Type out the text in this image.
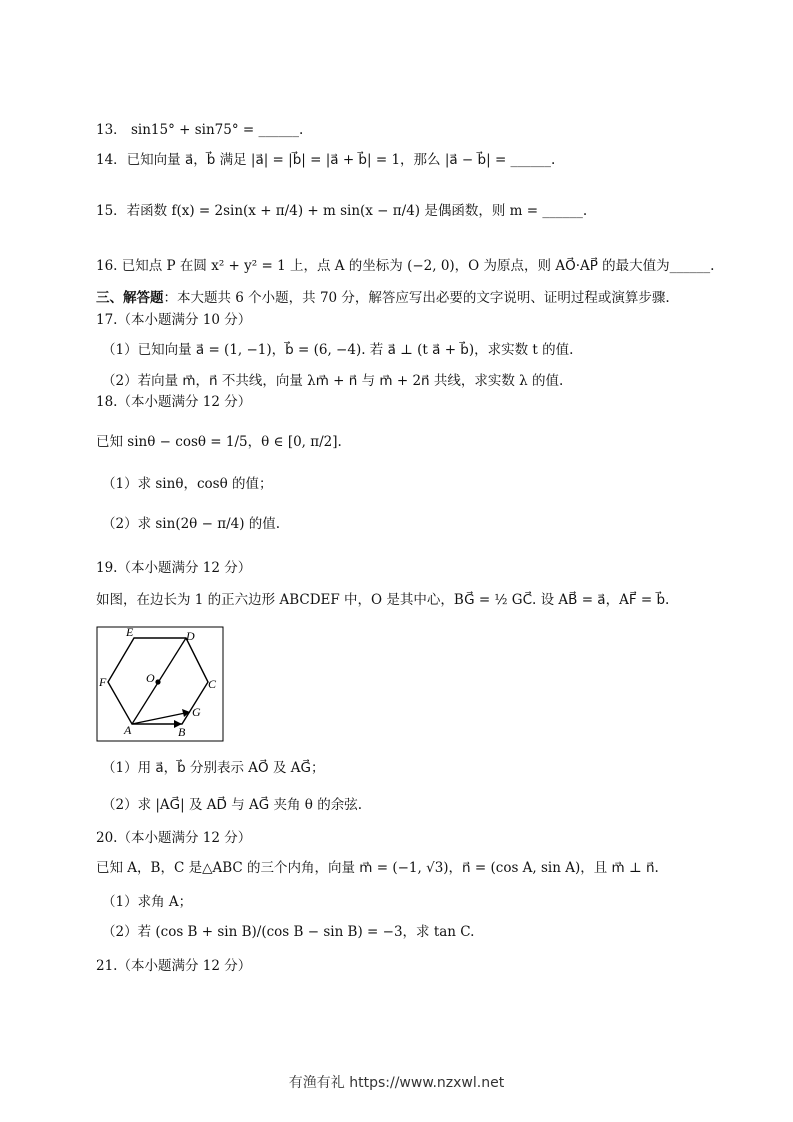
13． sin15° + sin75° = ______.
14．已知向量 a⃗，b⃗ 满足 |a⃗| = |b⃗| = |a⃗ + b⃗| = 1，那么 |a⃗ − b⃗| = ______.
15．若函数 f(x) = 2sin(x + π/4) + m sin(x − π/4) 是偶函数，则 m = ______.
16. 已知点 P 在圆 x² + y² = 1 上，点 A 的坐标为 (−2, 0)，O 为原点，则 AO⃗·AP⃗ 的最大值为______.
三、解答题：本大题共 6 个小题，共 70 分，解答应写出必要的文字说明、证明过程或演算步骤.
17.（本小题满分 10 分）
（1）已知向量 a⃗ = (1, −1)，b⃗ = (6, −4). 若 a⃗ ⊥ (t a⃗ + b⃗)，求实数 t 的值.
（2）若向量 m⃗，n⃗ 不共线，向量 λm⃗ + n⃗ 与 m⃗ + 2n⃗ 共线，求实数 λ 的值.
18.（本小题满分 12 分）
已知 sinθ − cosθ = 1/5，θ ∈ [0, π/2].
（1）求 sinθ，cosθ 的值；
（2）求 sin(2θ − π/4) 的值.
19.（本小题满分 12 分）
如图，在边长为 1 的正六边形 ABCDEF 中，O 是其中心，BG⃗ = ½ GC⃗. 设 AB⃗ = a⃗，AF⃗ = b⃗.
E	D
F	O	C
A
G
B
（1）用 a⃗，b⃗ 分别表示 AO⃗ 及 AG⃗；
（2）求 |AG⃗| 及 AD⃗ 与 AG⃗ 夹角 θ 的余弦.
20.（本小题满分 12 分）
已知 A，B，C 是△ABC 的三个内角，向量 m⃗ = (−1, √3)，n⃗ = (cos A, sin A)，且 m⃗ ⊥ n⃗.
（1）求角 A；
（2）若 (cos B + sin B)/(cos B − sin B) = −3，求 tan C.
21.（本小题满分 12 分）
有渔有礼 https://www.nzxwl.net
